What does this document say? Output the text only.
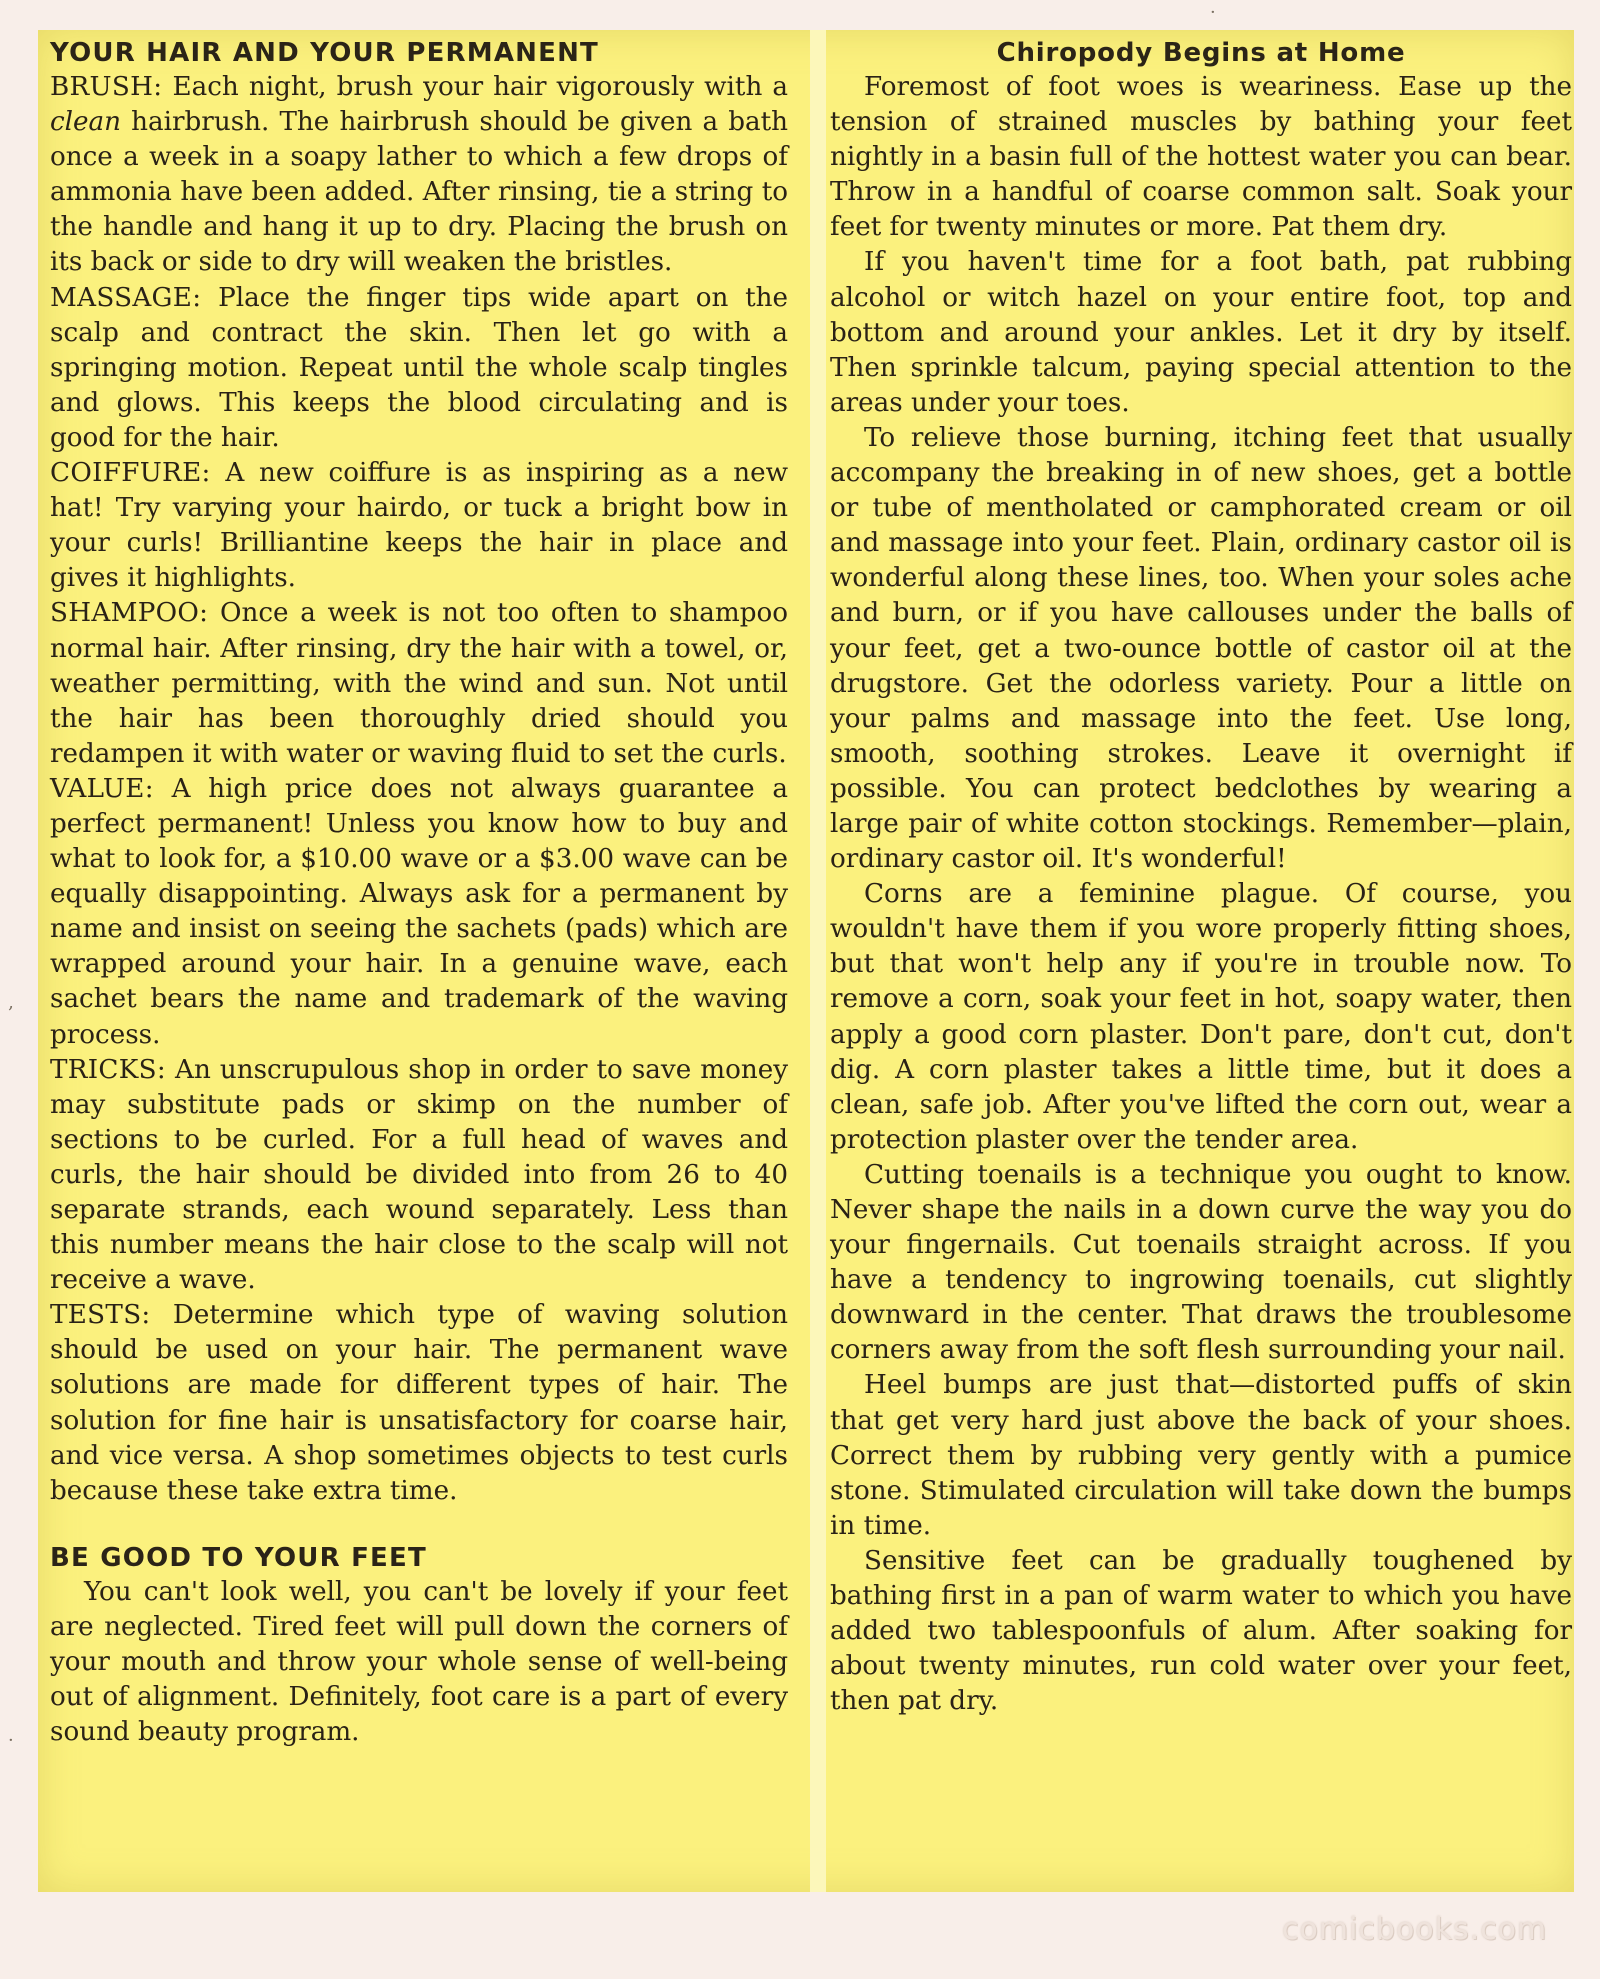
YOUR HAIR AND YOUR PERMANENT

BRUSH: Each night, brush your hair vigorously with a clean hairbrush. The hairbrush should be given a bath once a week in a soapy lather to which a few drops of ammonia have been added. After rinsing, tie a string to the handle and hang it up to dry. Placing the brush on its back or side to dry will weaken the bristles.

MASSAGE: Place the finger tips wide apart on the scalp and contract the skin. Then let go with a springing motion. Repeat until the whole scalp tingles and glows. This keeps the blood circulating and is good for the hair.

COIFFURE: A new coiffure is as inspiring as a new hat! Try varying your hairdo, or tuck a bright bow in your curls! Brilliantine keeps the hair in place and gives it highlights.

SHAMPOO: Once a week is not too often to shampoo normal hair. After rinsing, dry the hair with a towel, or, weather permitting, with the wind and sun. Not until the hair has been thoroughly dried should you redampen it with water or waving fluid to set the curls.

VALUE: A high price does not always guarantee a perfect permanent! Unless you know how to buy and what to look for, a $10.00 wave or a $3.00 wave can be equally disappointing. Always ask for a permanent by name and insist on seeing the sachets (pads) which are wrapped around your hair. In a genuine wave, each sachet bears the name and trademark of the waving process.

TRICKS: An unscrupulous shop in order to save money may substitute pads or skimp on the number of sections to be curled. For a full head of waves and curls, the hair should be divided into from 26 to 40 separate strands, each wound separately. Less than this number means the hair close to the scalp will not receive a wave.

TESTS: Determine which type of waving solution should be used on your hair. The permanent wave solutions are made for different types of hair. The solution for fine hair is unsatisfactory for coarse hair, and vice versa. A shop sometimes objects to test curls because these take extra time.

BE GOOD TO YOUR FEET

You can't look well, you can't be lovely if your feet are neglected. Tired feet will pull down the corners of your mouth and throw your whole sense of well-being out of alignment. Definitely, foot care is a part of every sound beauty program.

Chiropody Begins at Home

Foremost of foot woes is weariness. Ease up the tension of strained muscles by bathing your feet nightly in a basin full of the hottest water you can bear. Throw in a handful of coarse common salt. Soak your feet for twenty minutes or more. Pat them dry.

If you haven't time for a foot bath, pat rubbing alcohol or witch hazel on your entire foot, top and bottom and around your ankles. Let it dry by itself. Then sprinkle talcum, paying special attention to the areas under your toes.

To relieve those burning, itching feet that usually accompany the breaking in of new shoes, get a bottle or tube of mentholated or camphorated cream or oil and massage into your feet. Plain, ordinary castor oil is wonderful along these lines, too. When your soles ache and burn, or if you have callouses under the balls of your feet, get a two-ounce bottle of castor oil at the drugstore. Get the odorless variety. Pour a little on your palms and massage into the feet. Use long, smooth, soothing strokes. Leave it overnight if possible. You can protect bedclothes by wearing a large pair of white cotton stockings. Remember—plain, ordinary castor oil. It's wonderful!

Corns are a feminine plague. Of course, you wouldn't have them if you wore properly fitting shoes, but that won't help any if you're in trouble now. To remove a corn, soak your feet in hot, soapy water, then apply a good corn plaster. Don't pare, don't cut, don't dig. A corn plaster takes a little time, but it does a clean, safe job. After you've lifted the corn out, wear a protection plaster over the tender area.

Cutting toenails is a technique you ought to know. Never shape the nails in a down curve the way you do your fingernails. Cut toenails straight across. If you have a tendency to ingrowing toenails, cut slightly downward in the center. That draws the troublesome corners away from the soft flesh surrounding your nail.

Heel bumps are just that—distorted puffs of skin that get very hard just above the back of your shoes. Correct them by rubbing very gently with a pumice stone. Stimulated circulation will take down the bumps in time.

Sensitive feet can be gradually toughened by bathing first in a pan of warm water to which you have added two tablespoonfuls of alum. After soaking for about twenty minutes, run cold water over your feet, then pat dry.

·
‚
·
comicbooks.com
